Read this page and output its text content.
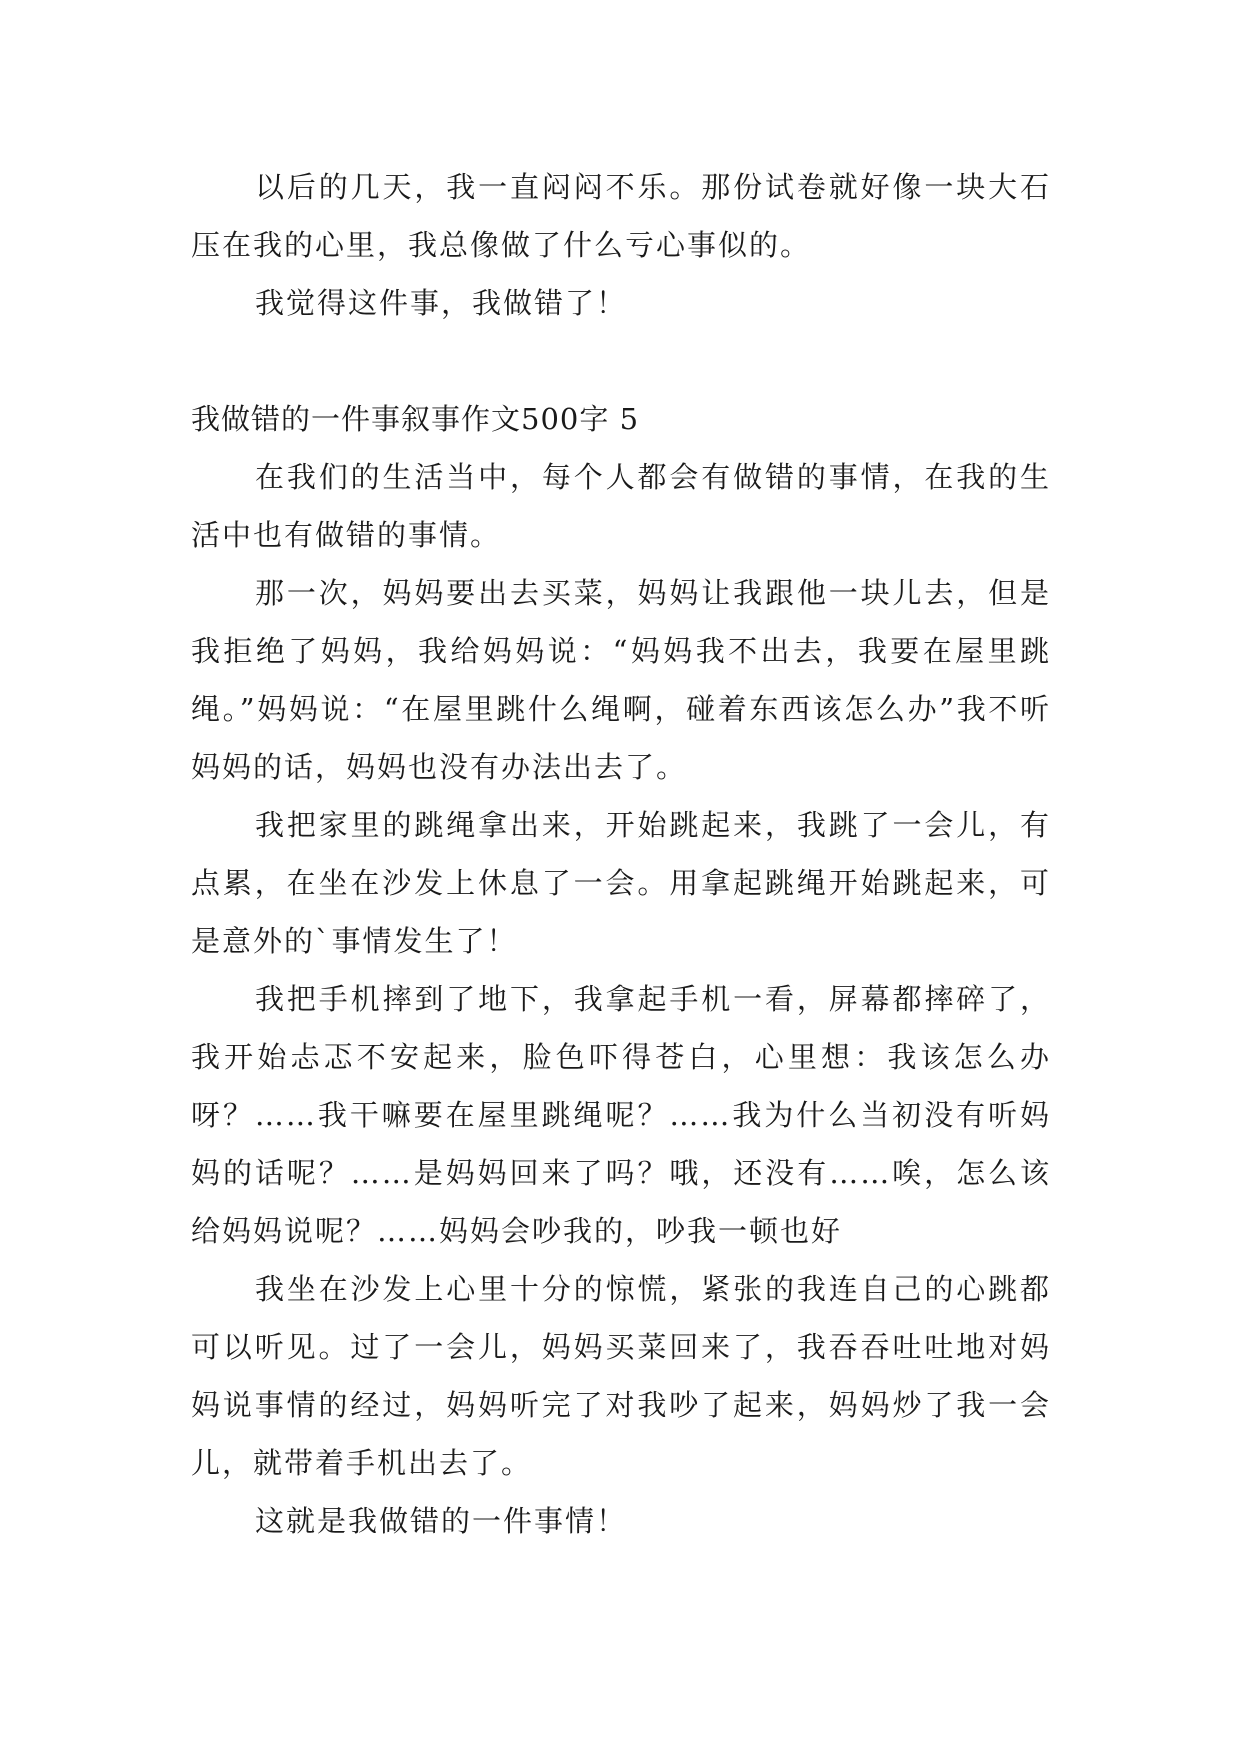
以后的几天，我一直闷闷不乐。那份试卷就好像一块大石压在我的心里，我总像做了什么亏心事似的。

我觉得这件事，我做错了！

我做错的一件事叙事作文500字 5

在我们的生活当中，每个人都会有做错的事情，在我的生活中也有做错的事情。

那一次，妈妈要出去买菜，妈妈让我跟他一块儿去，但是我拒绝了妈妈，我给妈妈说：“妈妈我不出去，我要在屋里跳绳。”妈妈说：“在屋里跳什么绳啊，碰着东西该怎么办”我不听妈妈的话，妈妈也没有办法出去了。

我把家里的跳绳拿出来，开始跳起来，我跳了一会儿，有点累，在坐在沙发上休息了一会。用拿起跳绳开始跳起来，可是意外的`事情发生了！

我把手机摔到了地下，我拿起手机一看，屏幕都摔碎了，我开始忐忑不安起来，脸色吓得苍白，心里想：我该怎么办呀？……我干嘛要在屋里跳绳呢？……我为什么当初没有听妈妈的话呢？……是妈妈回来了吗？哦，还没有……唉，怎么该给妈妈说呢？……妈妈会吵我的，吵我一顿也好

我坐在沙发上心里十分的惊慌，紧张的我连自己的心跳都可以听见。过了一会儿，妈妈买菜回来了，我吞吞吐吐地对妈妈说事情的经过，妈妈听完了对我吵了起来，妈妈炒了我一会儿，就带着手机出去了。

这就是我做错的一件事情！
